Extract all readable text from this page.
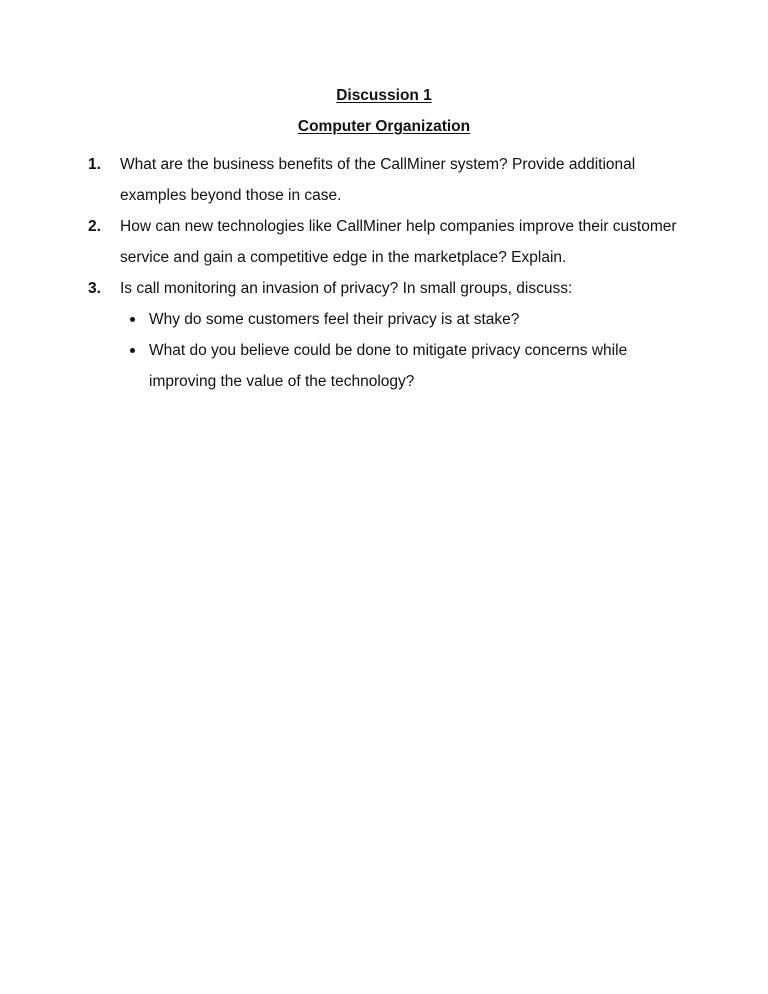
Discussion 1
Computer Organization
1. What are the business benefits of the CallMiner system? Provide additional examples beyond those in case.
2. How can new technologies like CallMiner help companies improve their customer service and gain a competitive edge in the marketplace? Explain.
3. Is call monitoring an invasion of privacy? In small groups, discuss:
Why do some customers feel their privacy is at stake?
What do you believe could be done to mitigate privacy concerns while improving the value of the technology?
